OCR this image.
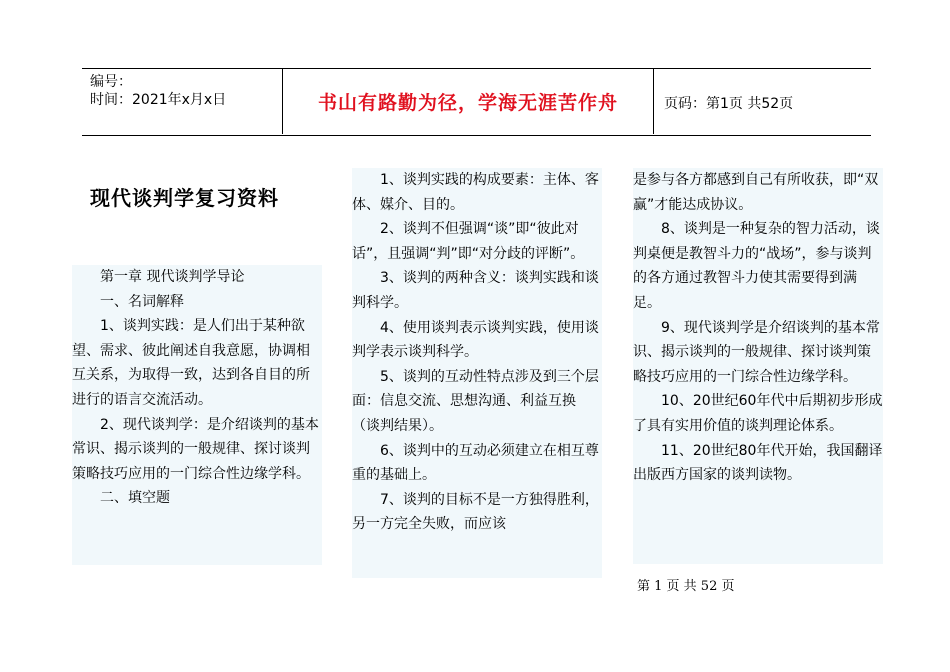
编号：
时间：2021年x月x日	书山有路勤为径，学海无涯苦作舟	页码：第1页 共52页
现代谈判学复习资料

第一章 现代谈判学导论

一、名词解释

1、谈判实践：是人们出于某种欲望、需求、彼此阐述自我意愿，协调相互关系，为取得一致，达到各自目的所进行的语言交流活动。

2、现代谈判学：是介绍谈判的基本常识、揭示谈判的一般规律、探讨谈判策略技巧应用的一门综合性边缘学科。

二、填空题

1、谈判实践的构成要素：主体、客体、媒介、目的。

2、谈判不但强调“谈”即“彼此对话”，且强调“判”即“对分歧的评断”。

3、谈判的两种含义：谈判实践和谈判科学。

4、使用谈判表示谈判实践，使用谈判学表示谈判科学。

5、谈判的互动性特点涉及到三个层面：信息交流、思想沟通、利益互换（谈判结果）。

6、谈判中的互动必须建立在相互尊重的基础上。

7、谈判的目标不是一方独得胜利，另一方完全失败，而应该

是参与各方都感到自己有所收获，即“双赢”才能达成协议。

8、谈判是一种复杂的智力活动，谈判桌便是教智斗力的“战场”，参与谈判的各方通过教智斗力使其需要得到满足。

9、现代谈判学是介绍谈判的基本常识、揭示谈判的一般规律、探讨谈判策略技巧应用的一门综合性边缘学科。

10、20世纪60年代中后期初步形成了具有实用价值的谈判理论体系。

11、20世纪80年代开始，我国翻译出版西方国家的谈判读物。

第 1 页 共 52 页
